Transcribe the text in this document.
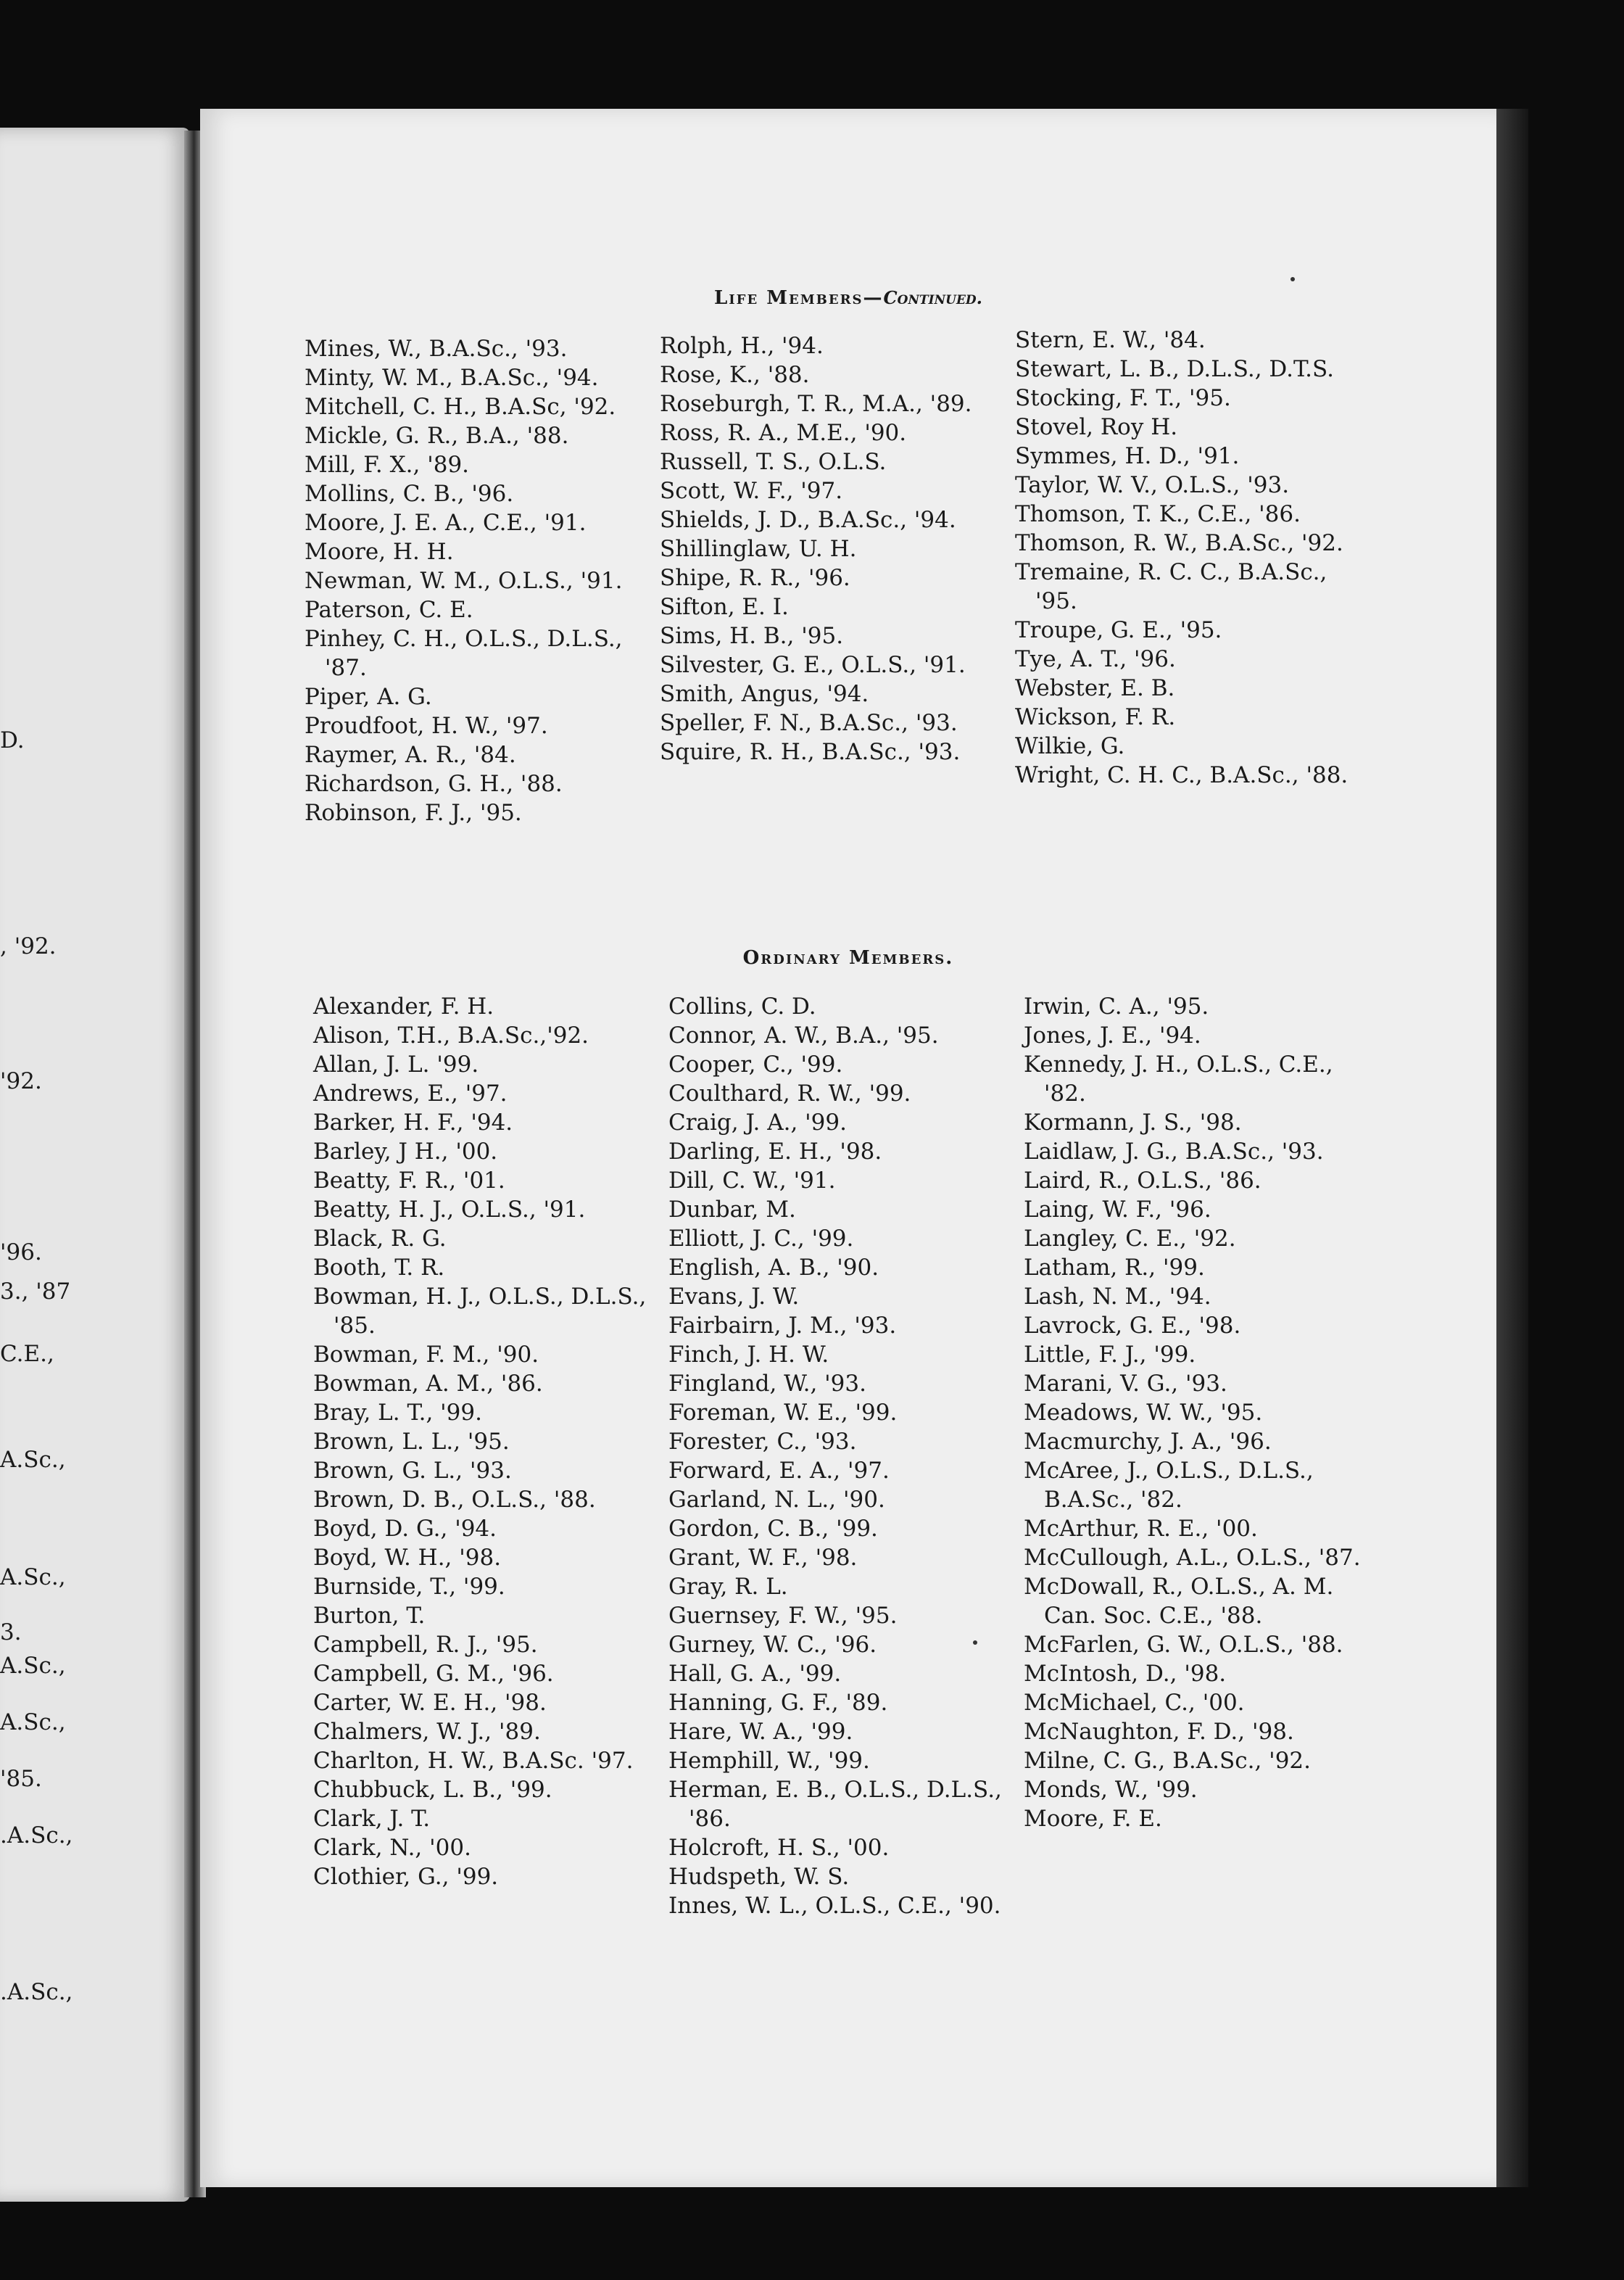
D.
, '92.
'92.
'96.
3., '87
C.E.,
A.Sc.,
A.Sc.,
3.
A.Sc.,
A.Sc.,
'85.
.A.Sc.,
.A.Sc.,
Life Members—Continued.

Mines, W., B.A.Sc., '93.

Minty, W. M., B.A.Sc., '94.

Mitchell, C. H., B.A.Sc, '92.

Mickle, G. R., B.A., '88.

Mill, F. X., '89.

Mollins, C. B., '96.

Moore, J. E. A., C.E., '91.

Moore, H. H.

Newman, W. M., O.L.S., '91.

Paterson, C. E.

Pinhey, C. H., O.L.S., D.L.S., '87.

Piper, A. G.

Proudfoot, H. W., '97.

Raymer, A. R., '84.

Richardson, G. H., '88.

Robinson, F. J., '95.

Rolph, H., '94.

Rose, K., '88.

Roseburgh, T. R., M.A., '89.

Ross, R. A., M.E., '90.

Russell, T. S., O.L.S.

Scott, W. F., '97.

Shields, J. D., B.A.Sc., '94.

Shillinglaw, U. H.

Shipe, R. R., '96.

Sifton, E. I.

Sims, H. B., '95.

Silvester, G. E., O.L.S., '91.

Smith, Angus, '94.

Speller, F. N., B.A.Sc., '93.

Squire, R. H., B.A.Sc., '93.

Stern, E. W., '84.

Stewart, L. B., D.L.S., D.T.S.

Stocking, F. T., '95.

Stovel, Roy H.

Symmes, H. D., '91.

Taylor, W. V., O.L.S., '93.

Thomson, T. K., C.E., '86.

Thomson, R. W., B.A.Sc., '92.

Tremaine, R. C. C., B.A.Sc., '95.

Troupe, G. E., '95.

Tye, A. T., '96.

Webster, E. B.

Wickson, F. R.

Wilkie, G.

Wright, C. H. C., B.A.Sc., '88.

Ordinary Members.

Alexander, F. H.

Alison, T.H., B.A.Sc.,'92.

Allan, J. L. '99.

Andrews, E., '97.

Barker, H. F., '94.

Barley, J H., '00.

Beatty, F. R., '01.

Beatty, H. J., O.L.S., '91.

Black, R. G.

Booth, T. R.

Bowman, H. J., O.L.S., D.L.S., '85.

Bowman, F. M., '90.

Bowman, A. M., '86.

Bray, L. T., '99.

Brown, L. L., '95.

Brown, G. L., '93.

Brown, D. B., O.L.S., '88.

Boyd, D. G., '94.

Boyd, W. H., '98.

Burnside, T., '99.

Burton, T.

Campbell, R. J., '95.

Campbell, G. M., '96.

Carter, W. E. H., '98.

Chalmers, W. J., '89.

Charlton, H. W., B.A.Sc. '97.

Chubbuck, L. B., '99.

Clark, J. T.

Clark, N., '00.

Clothier, G., '99.

Collins, C. D.

Connor, A. W., B.A., '95.

Cooper, C., '99.

Coulthard, R. W., '99.

Craig, J. A., '99.

Darling, E. H., '98.

Dill, C. W., '91.

Dunbar, M.

Elliott, J. C., '99.

English, A. B., '90.

Evans, J. W.

Fairbairn, J. M., '93.

Finch, J. H. W.

Fingland, W., '93.

Foreman, W. E., '99.

Forester, C., '93.

Forward, E. A., '97.

Garland, N. L., '90.

Gordon, C. B., '99.

Grant, W. F., '98.

Gray, R. L.

Guernsey, F. W., '95.

Gurney, W. C., '96.

Hall, G. A., '99.

Hanning, G. F., '89.

Hare, W. A., '99.

Hemphill, W., '99.

Herman, E. B., O.L.S., D.L.S., '86.

Holcroft, H. S., '00.

Hudspeth, W. S.

Innes, W. L., O.L.S., C.E., '90.

Irwin, C. A., '95.

Jones, J. E., '94.

Kennedy, J. H., O.L.S., C.E., '82.

Kormann, J. S., '98.

Laidlaw, J. G., B.A.Sc., '93.

Laird, R., O.L.S., '86.

Laing, W. F., '96.

Langley, C. E., '92.

Latham, R., '99.

Lash, N. M., '94.

Lavrock, G. E., '98.

Little, F. J., '99.

Marani, V. G., '93.

Meadows, W. W., '95.

Macmurchy, J. A., '96.

McAree, J., O.L.S., D.L.S., B.A.Sc., '82.

McArthur, R. E., '00.

McCullough, A.L., O.L.S., '87.

McDowall, R., O.L.S., A. M. Can. Soc. C.E., '88.

McFarlen, G. W., O.L.S., '88.

McIntosh, D., '98.

McMichael, C., '00.

McNaughton, F. D., '98.

Milne, C. G., B.A.Sc., '92.

Monds, W., '99.

Moore, F. E.
